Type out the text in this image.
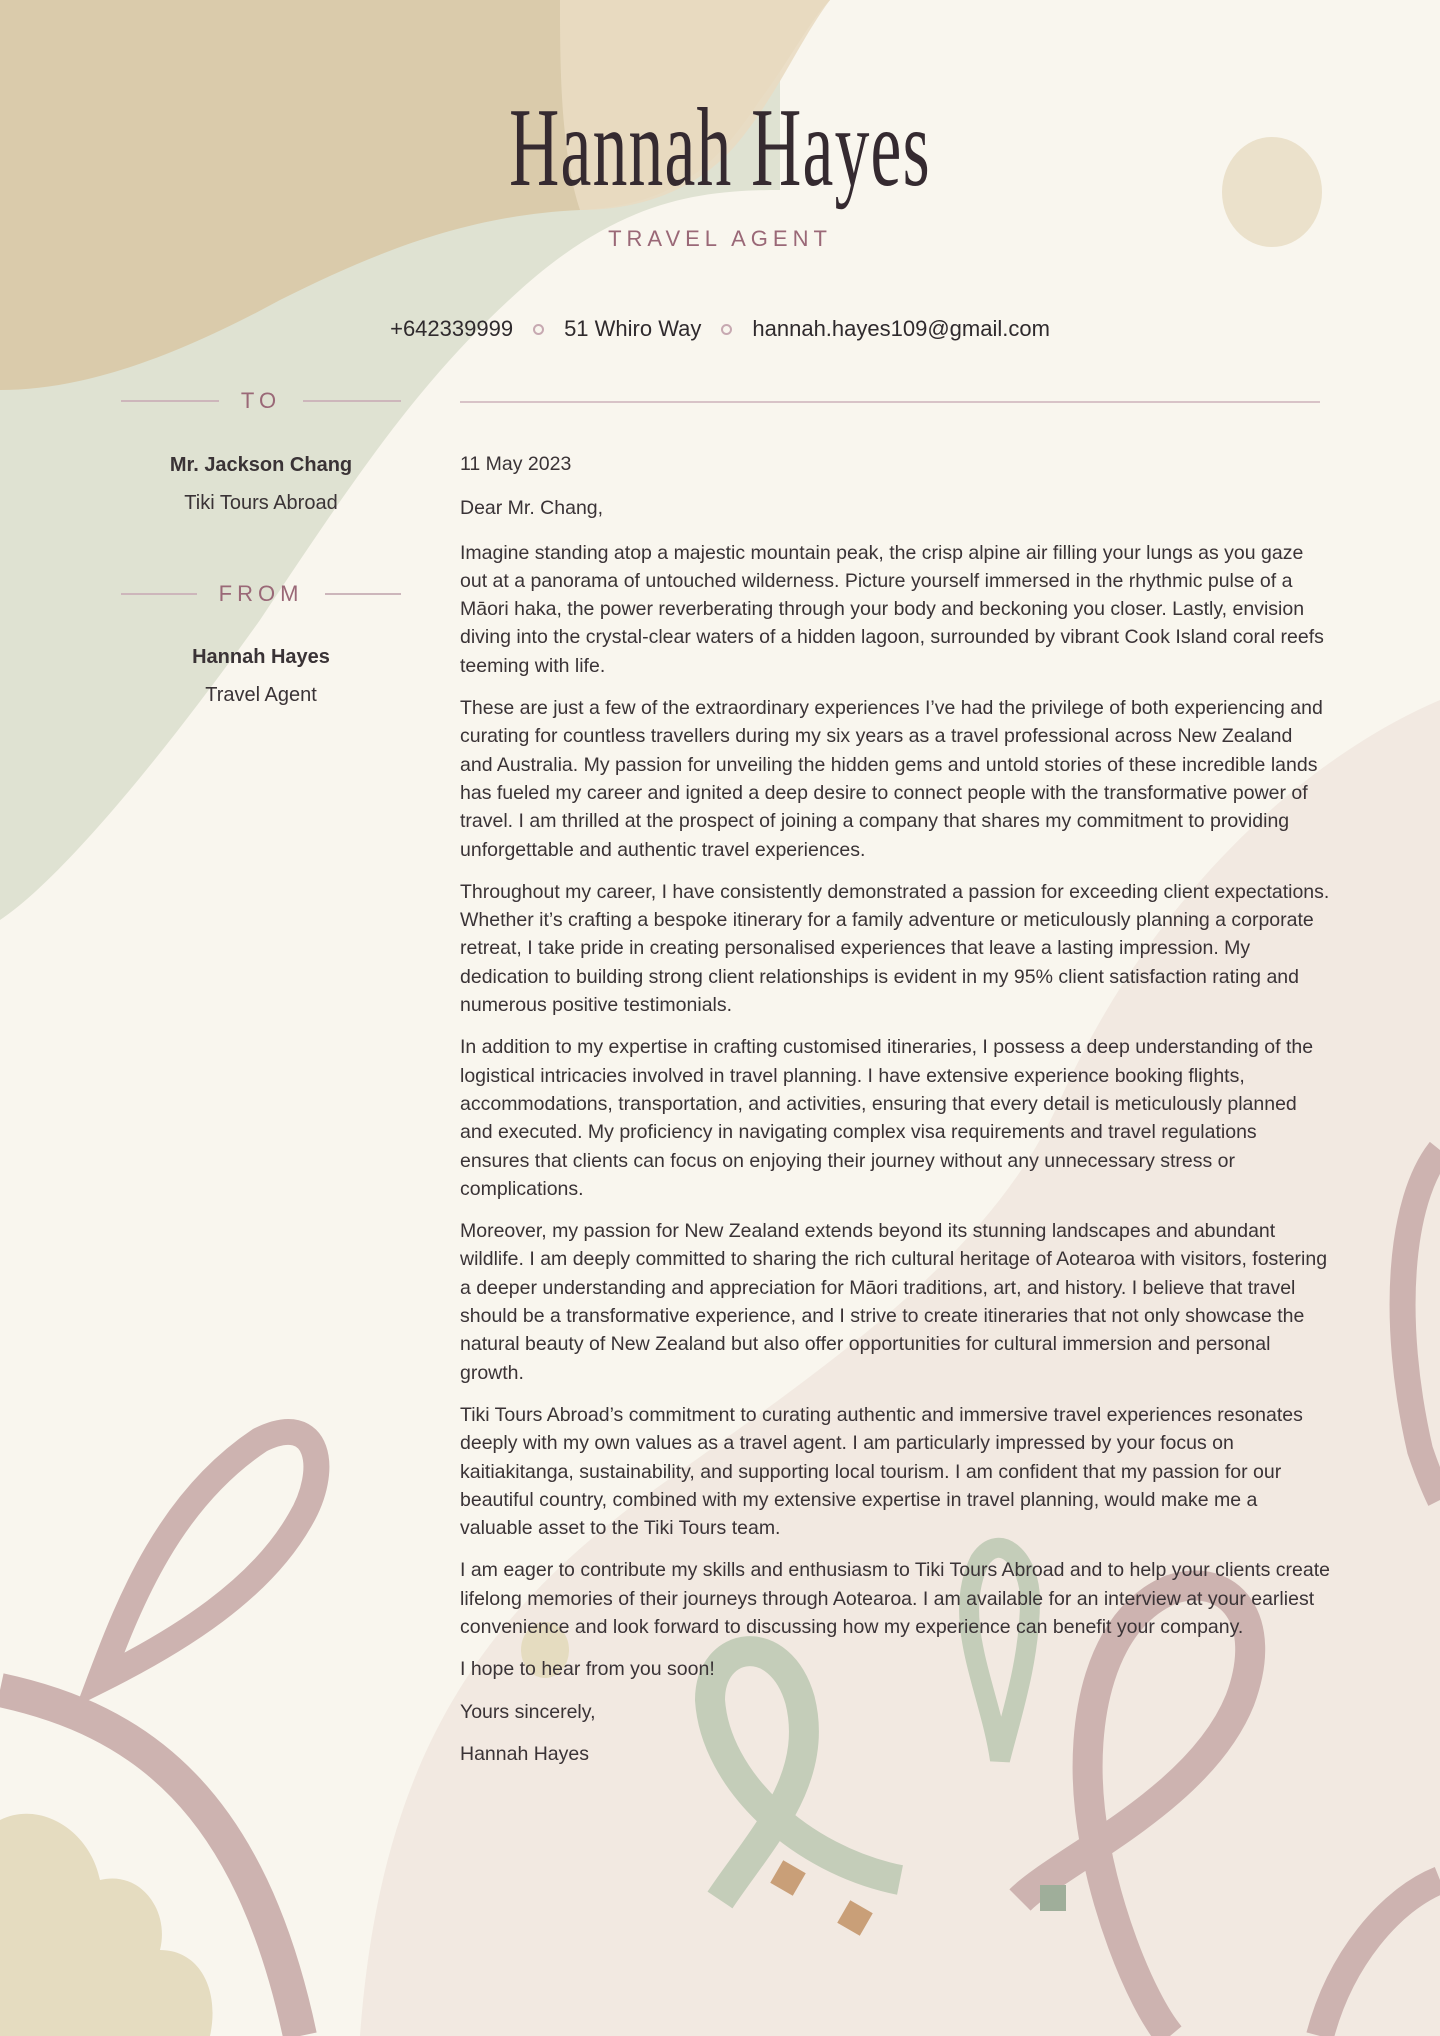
Hannah Hayes
TRAVEL AGENT
+642339999 51 Whiro Way hannah.hayes109@gmail.com
TO
Mr. Jackson Chang
Tiki Tours Abroad
FROM
Hannah Hayes
Travel Agent

11 May 2023

Dear Mr. Chang,

Imagine standing atop a majestic mountain peak, the crisp alpine air filling your lungs as you gaze out at a panorama of untouched wilderness. Picture yourself immersed in the rhythmic pulse of a Māori haka, the power reverberating through your body and beckoning you closer. Lastly, envision diving into the crystal-clear waters of a hidden lagoon, surrounded by vibrant Cook Island coral reefs teeming with life.

These are just a few of the extraordinary experiences I’ve had the privilege of both experiencing and curating for countless travellers during my six years as a travel professional across New Zealand and Australia. My passion for unveiling the hidden gems and untold stories of these incredible lands has fueled my career and ignited a deep desire to connect people with the transformative power of travel. I am thrilled at the prospect of joining a company that shares my commitment to providing unforgettable and authentic travel experiences.

Throughout my career, I have consistently demonstrated a passion for exceeding client expectations. Whether it’s crafting a bespoke itinerary for a family adventure or meticulously planning a corporate retreat, I take pride in creating personalised experiences that leave a lasting impression. My dedication to building strong client relationships is evident in my 95% client satisfaction rating and numerous positive testimonials.

In addition to my expertise in crafting customised itineraries, I possess a deep understanding of the logistical intricacies involved in travel planning. I have extensive experience booking flights, accommodations, transportation, and activities, ensuring that every detail is meticulously planned and executed. My proficiency in navigating complex visa requirements and travel regulations ensures that clients can focus on enjoying their journey without any unnecessary stress or complications.

Moreover, my passion for New Zealand extends beyond its stunning landscapes and abundant wildlife. I am deeply committed to sharing the rich cultural heritage of Aotearoa with visitors, fostering a deeper understanding and appreciation for Māori traditions, art, and history. I believe that travel should be a transformative experience, and I strive to create itineraries that not only showcase the natural beauty of New Zealand but also offer opportunities for cultural immersion and personal growth.

Tiki Tours Abroad’s commitment to curating authentic and immersive travel experiences resonates deeply with my own values as a travel agent. I am particularly impressed by your focus on kaitiakitanga, sustainability, and supporting local tourism. I am confident that my passion for our beautiful country, combined with my extensive expertise in travel planning, would make me a valuable asset to the Tiki Tours team.

I am eager to contribute my skills and enthusiasm to Tiki Tours Abroad and to help your clients create lifelong memories of their journeys through Aotearoa. I am available for an interview at your earliest convenience and look forward to discussing how my experience can benefit your company.

I hope to hear from you soon!

Yours sincerely,

Hannah Hayes
